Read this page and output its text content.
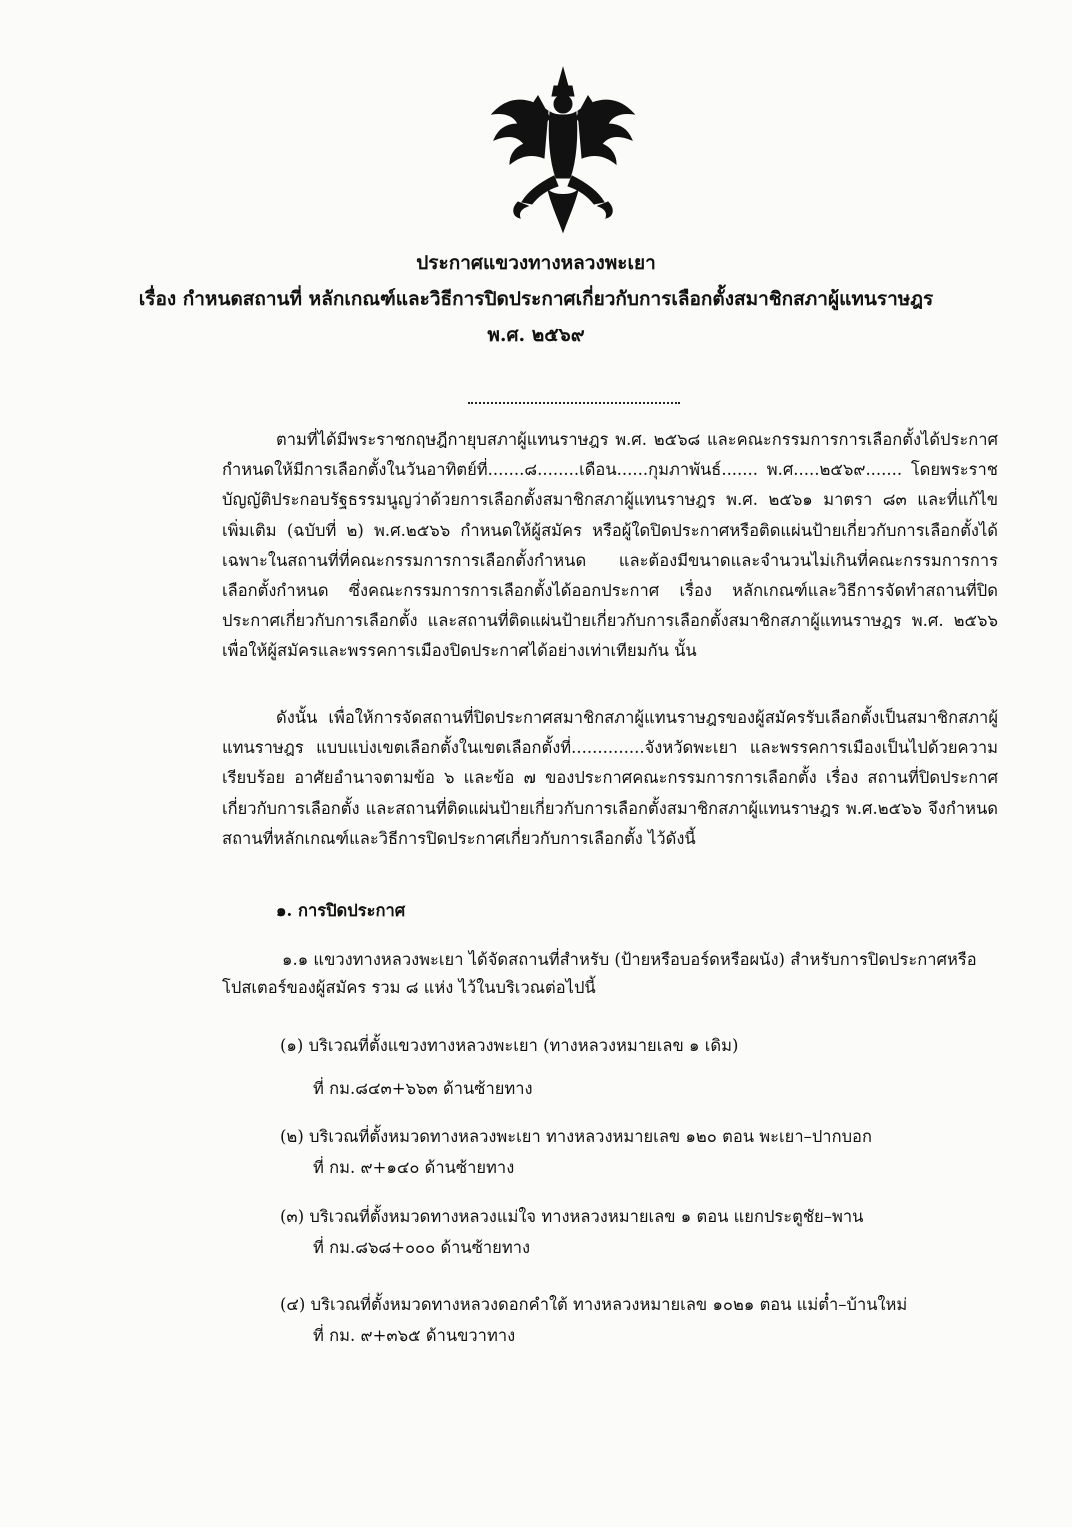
ประกาศแขวงทางหลวงพะเยา
เรื่อง กำหนดสถานที่ หลักเกณฑ์และวิธีการปิดประกาศเกี่ยวกับการเลือกตั้งสมาชิกสภาผู้แทนราษฎร
พ.ศ. ๒๕๖๙
ตามที่ได้มีพระราชกฤษฎีกายุบสภาผู้แทนราษฎร พ.ศ. ๒๕๖๘ และคณะกรรมการการเลือกตั้งได้ประกาศกำหนดให้มีการเลือกตั้งในวันอาทิตย์ที่.......๘........เดือน......กุมภาพันธ์....... พ.ศ.....๒๕๖๙....... โดยพระราชบัญญัติประกอบรัฐธรรมนูญว่าด้วยการเลือกตั้งสมาชิกสภาผู้แทนราษฎร พ.ศ. ๒๕๖๑ มาตรา ๘๓ และที่แก้ไขเพิ่มเติม (ฉบับที่ ๒) พ.ศ.๒๕๖๖ กำหนดให้ผู้สมัคร หรือผู้ใดปิดประกาศหรือติดแผ่นป้ายเกี่ยวกับการเลือกตั้งได้เฉพาะในสถานที่ที่คณะกรรมการการเลือกตั้งกำหนด และต้องมีขนาดและจำนวนไม่เกินที่คณะกรรมการการเลือกตั้งกำหนด ซึ่งคณะกรรมการการเลือกตั้งได้ออกประกาศ เรื่อง หลักเกณฑ์และวิธีการจัดทำสถานที่ปิดประกาศเกี่ยวกับการเลือกตั้ง และสถานที่ติดแผ่นป้ายเกี่ยวกับการเลือกตั้งสมาชิกสภาผู้แทนราษฎร พ.ศ. ๒๕๖๖ เพื่อให้ผู้สมัครและพรรคการเมืองปิดประกาศได้อย่างเท่าเทียมกัน นั้น
ดังนั้น เพื่อให้การจัดสถานที่ปิดประกาศสมาชิกสภาผู้แทนราษฎรของผู้สมัครรับเลือกตั้งเป็นสมาชิกสภาผู้แทนราษฎร แบบแบ่งเขตเลือกตั้งในเขตเลือกตั้งที่..............จังหวัดพะเยา และพรรคการเมืองเป็นไปด้วยความเรียบร้อย อาศัยอำนาจตามข้อ ๖ และข้อ ๗ ของประกาศคณะกรรมการการเลือกตั้ง เรื่อง สถานที่ปิดประกาศเกี่ยวกับการเลือกตั้ง และสถานที่ติดแผ่นป้ายเกี่ยวกับการเลือกตั้งสมาชิกสภาผู้แทนราษฎร พ.ศ.๒๕๖๖ จึงกำหนดสถานที่หลักเกณฑ์และวิธีการปิดประกาศเกี่ยวกับการเลือกตั้ง ไว้ดังนี้
๑. การปิดประกาศ
๑.๑ แขวงทางหลวงพะเยา ได้จัดสถานที่สำหรับ (ป้ายหรือบอร์ดหรือผนัง) สำหรับการปิดประกาศหรือโปสเตอร์ของผู้สมัคร รวม ๘ แห่ง ไว้ในบริเวณต่อไปนี้
(๑) บริเวณที่ตั้งแขวงทางหลวงพะเยา (ทางหลวงหมายเลข ๑ เดิม)
ที่ กม.๘๔๓+๖๖๓ ด้านซ้ายทาง
(๒) บริเวณที่ตั้งหมวดทางหลวงพะเยา ทางหลวงหมายเลข ๑๒๐ ตอน พะเยา–ปากบอก
ที่ กม. ๙+๑๔๐ ด้านซ้ายทาง
(๓) บริเวณที่ตั้งหมวดทางหลวงแม่ใจ ทางหลวงหมายเลข ๑ ตอน แยกประตูชัย–พาน
ที่ กม.๘๖๘+๐๐๐ ด้านซ้ายทาง
(๔) บริเวณที่ตั้งหมวดทางหลวงดอกคำใต้ ทางหลวงหมายเลข ๑๐๒๑ ตอน แม่ต๋ำ–บ้านใหม่
ที่ กม. ๙+๓๖๕ ด้านขวาทาง
